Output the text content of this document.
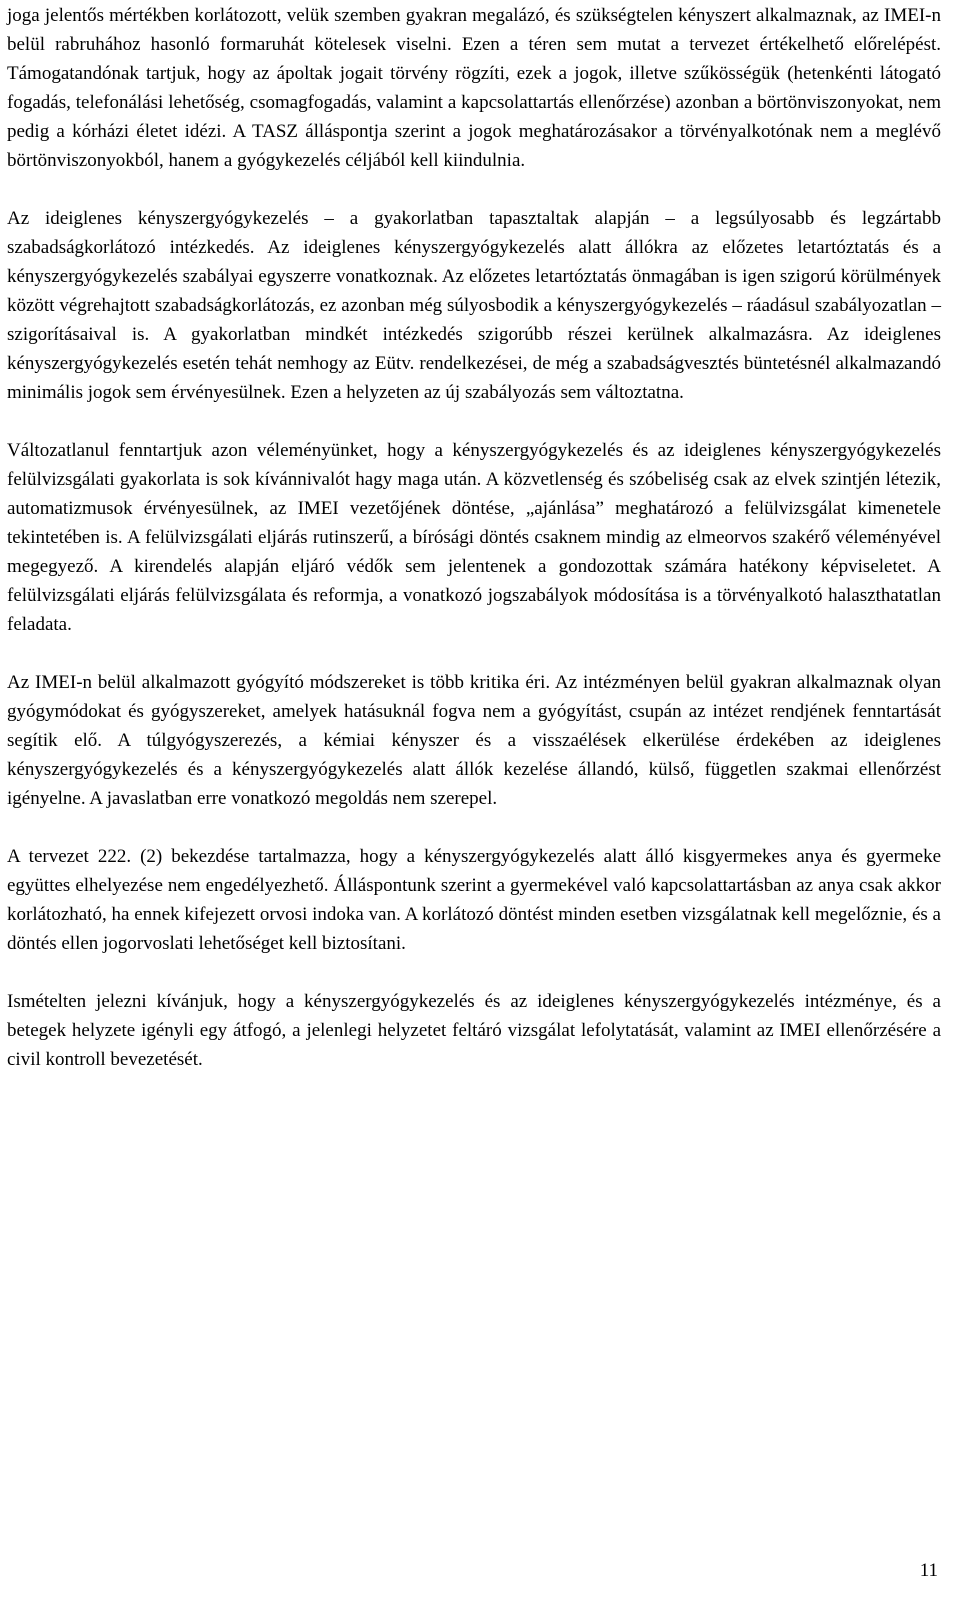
joga jelentős mértékben korlátozott, velük szemben gyakran megalázó, és szükségtelen kényszert alkalmaznak, az IMEI-n belül rabruhához hasonló formaruhát kötelesek viselni. Ezen a téren sem mutat a tervezet értékelhető előrelépést. Támogatandónak tartjuk, hogy az ápoltak jogait törvény rögzíti, ezek a jogok, illetve szűkösségük (hetenkénti látogató fogadás, telefonálási lehetőség, csomagfogadás, valamint a kapcsolattartás ellenőrzése) azonban a börtönviszonyokat, nem pedig a kórházi életet idézi. A TASZ álláspontja szerint a jogok meghatározásakor a törvényalkotónak nem a meglévő börtönviszonyokból, hanem a gyógykezelés céljából kell kiindulnia.

Az ideiglenes kényszergyógykezelés – a gyakorlatban tapasztaltak alapján – a legsúlyosabb és legzártabb szabadságkorlátozó intézkedés. Az ideiglenes kényszergyógykezelés alatt állókra az előzetes letartóztatás és a kényszergyógykezelés szabályai egyszerre vonatkoznak. Az előzetes letartóztatás önmagában is igen szigorú körülmények között végrehajtott szabadságkorlátozás, ez azonban még súlyosbodik a kényszergyógykezelés – ráadásul szabályozatlan – szigorításaival is. A gyakorlatban mindkét intézkedés szigorúbb részei kerülnek alkalmazásra. Az ideiglenes kényszergyógykezelés esetén tehát nemhogy az Eütv. rendelkezései, de még a szabadságvesztés büntetésnél alkalmazandó minimális jogok sem érvényesülnek. Ezen a helyzeten az új szabályozás sem változtatna.

Változatlanul fenntartjuk azon véleményünket, hogy a kényszergyógykezelés és az ideiglenes kényszergyógykezelés felülvizsgálati gyakorlata is sok kívánnivalót hagy maga után. A közvetlenség és szóbeliség csak az elvek szintjén létezik, automatizmusok érvényesülnek, az IMEI vezetőjének döntése, „ajánlása” meghatározó a felülvizsgálat kimenetele tekintetében is. A felülvizsgálati eljárás rutinszerű, a bírósági döntés csaknem mindig az elmeorvos szakérő véleményével megegyező. A kirendelés alapján eljáró védők sem jelentenek a gondozottak számára hatékony képviseletet. A felülvizsgálati eljárás felülvizsgálata és reformja, a vonatkozó jogszabályok módosítása is a törvényalkotó halaszthatatlan feladata.

Az IMEI-n belül alkalmazott gyógyító módszereket is több kritika éri. Az intézményen belül gyakran alkalmaznak olyan gyógymódokat és gyógyszereket, amelyek hatásuknál fogva nem a gyógyítást, csupán az intézet rendjének fenntartását segítik elő. A túlgyógyszerezés, a kémiai kényszer és a visszaélések elkerülése érdekében az ideiglenes kényszergyógykezelés és a kényszergyógykezelés alatt állók kezelése állandó, külső, független szakmai ellenőrzést igényelne. A javaslatban erre vonatkozó megoldás nem szerepel.

A tervezet 222. (2) bekezdése tartalmazza, hogy a kényszergyógykezelés alatt álló kisgyermekes anya és gyermeke együttes elhelyezése nem engedélyezhető. Álláspontunk szerint a gyermekével való kapcsolattartásban az anya csak akkor korlátozható, ha ennek kifejezett orvosi indoka van. A korlátozó döntést minden esetben vizsgálatnak kell megelőznie, és a döntés ellen jogorvoslati lehetőséget kell biztosítani.

Ismételten jelezni kívánjuk, hogy a kényszergyógykezelés és az ideiglenes kényszergyógykezelés intézménye, és a betegek helyzete igényli egy átfogó, a jelenlegi helyzetet feltáró vizsgálat lefolytatását, valamint az IMEI ellenőrzésére a civil kontroll bevezetését.

11
